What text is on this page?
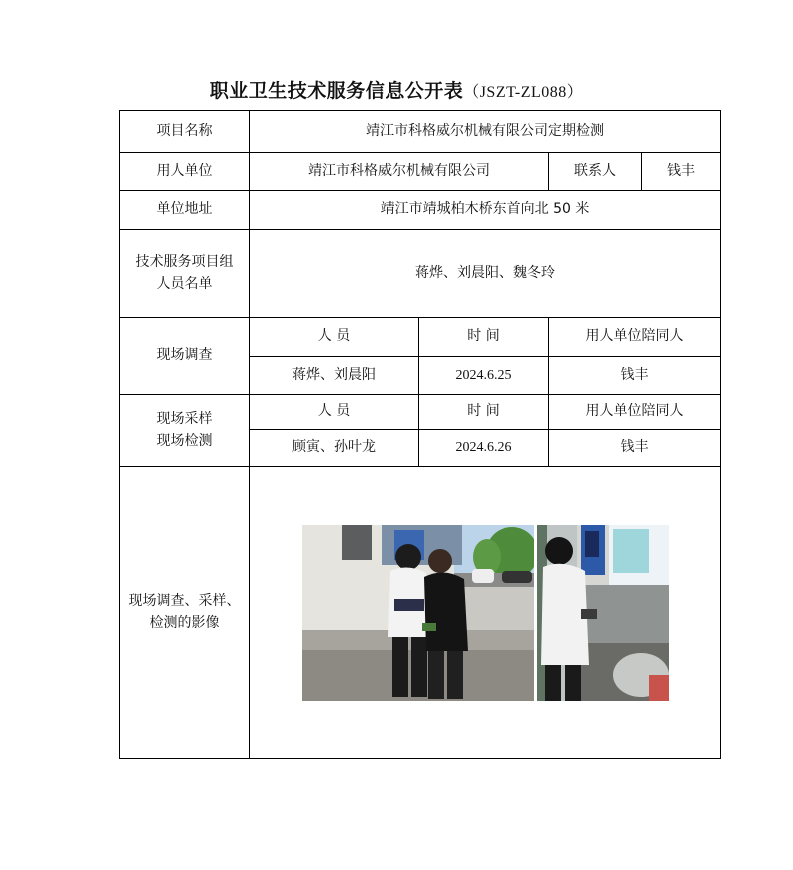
职业卫生技术服务信息公开表（JSZT-ZL088）
项目名称	靖江市科格威尔机械有限公司定期检测			
用人单位	靖江市科格威尔机械有限公司		联系人	钱丰
单位地址	靖江市靖城柏木桥东首向北 50 米			

技术服务项目组
人员名单	蒋烨、刘晨阳、魏冬玲			
现场调查	人 员	时 间	用人单位陪同人	
	蒋烨、刘晨阳	2024.6.25	钱丰	

现场采样
现场检测	人 员	时 间	用人单位陪同人	
	顾寅、孙叶龙	2024.6.26	钱丰	

现场调查、采样、
检测的影像
